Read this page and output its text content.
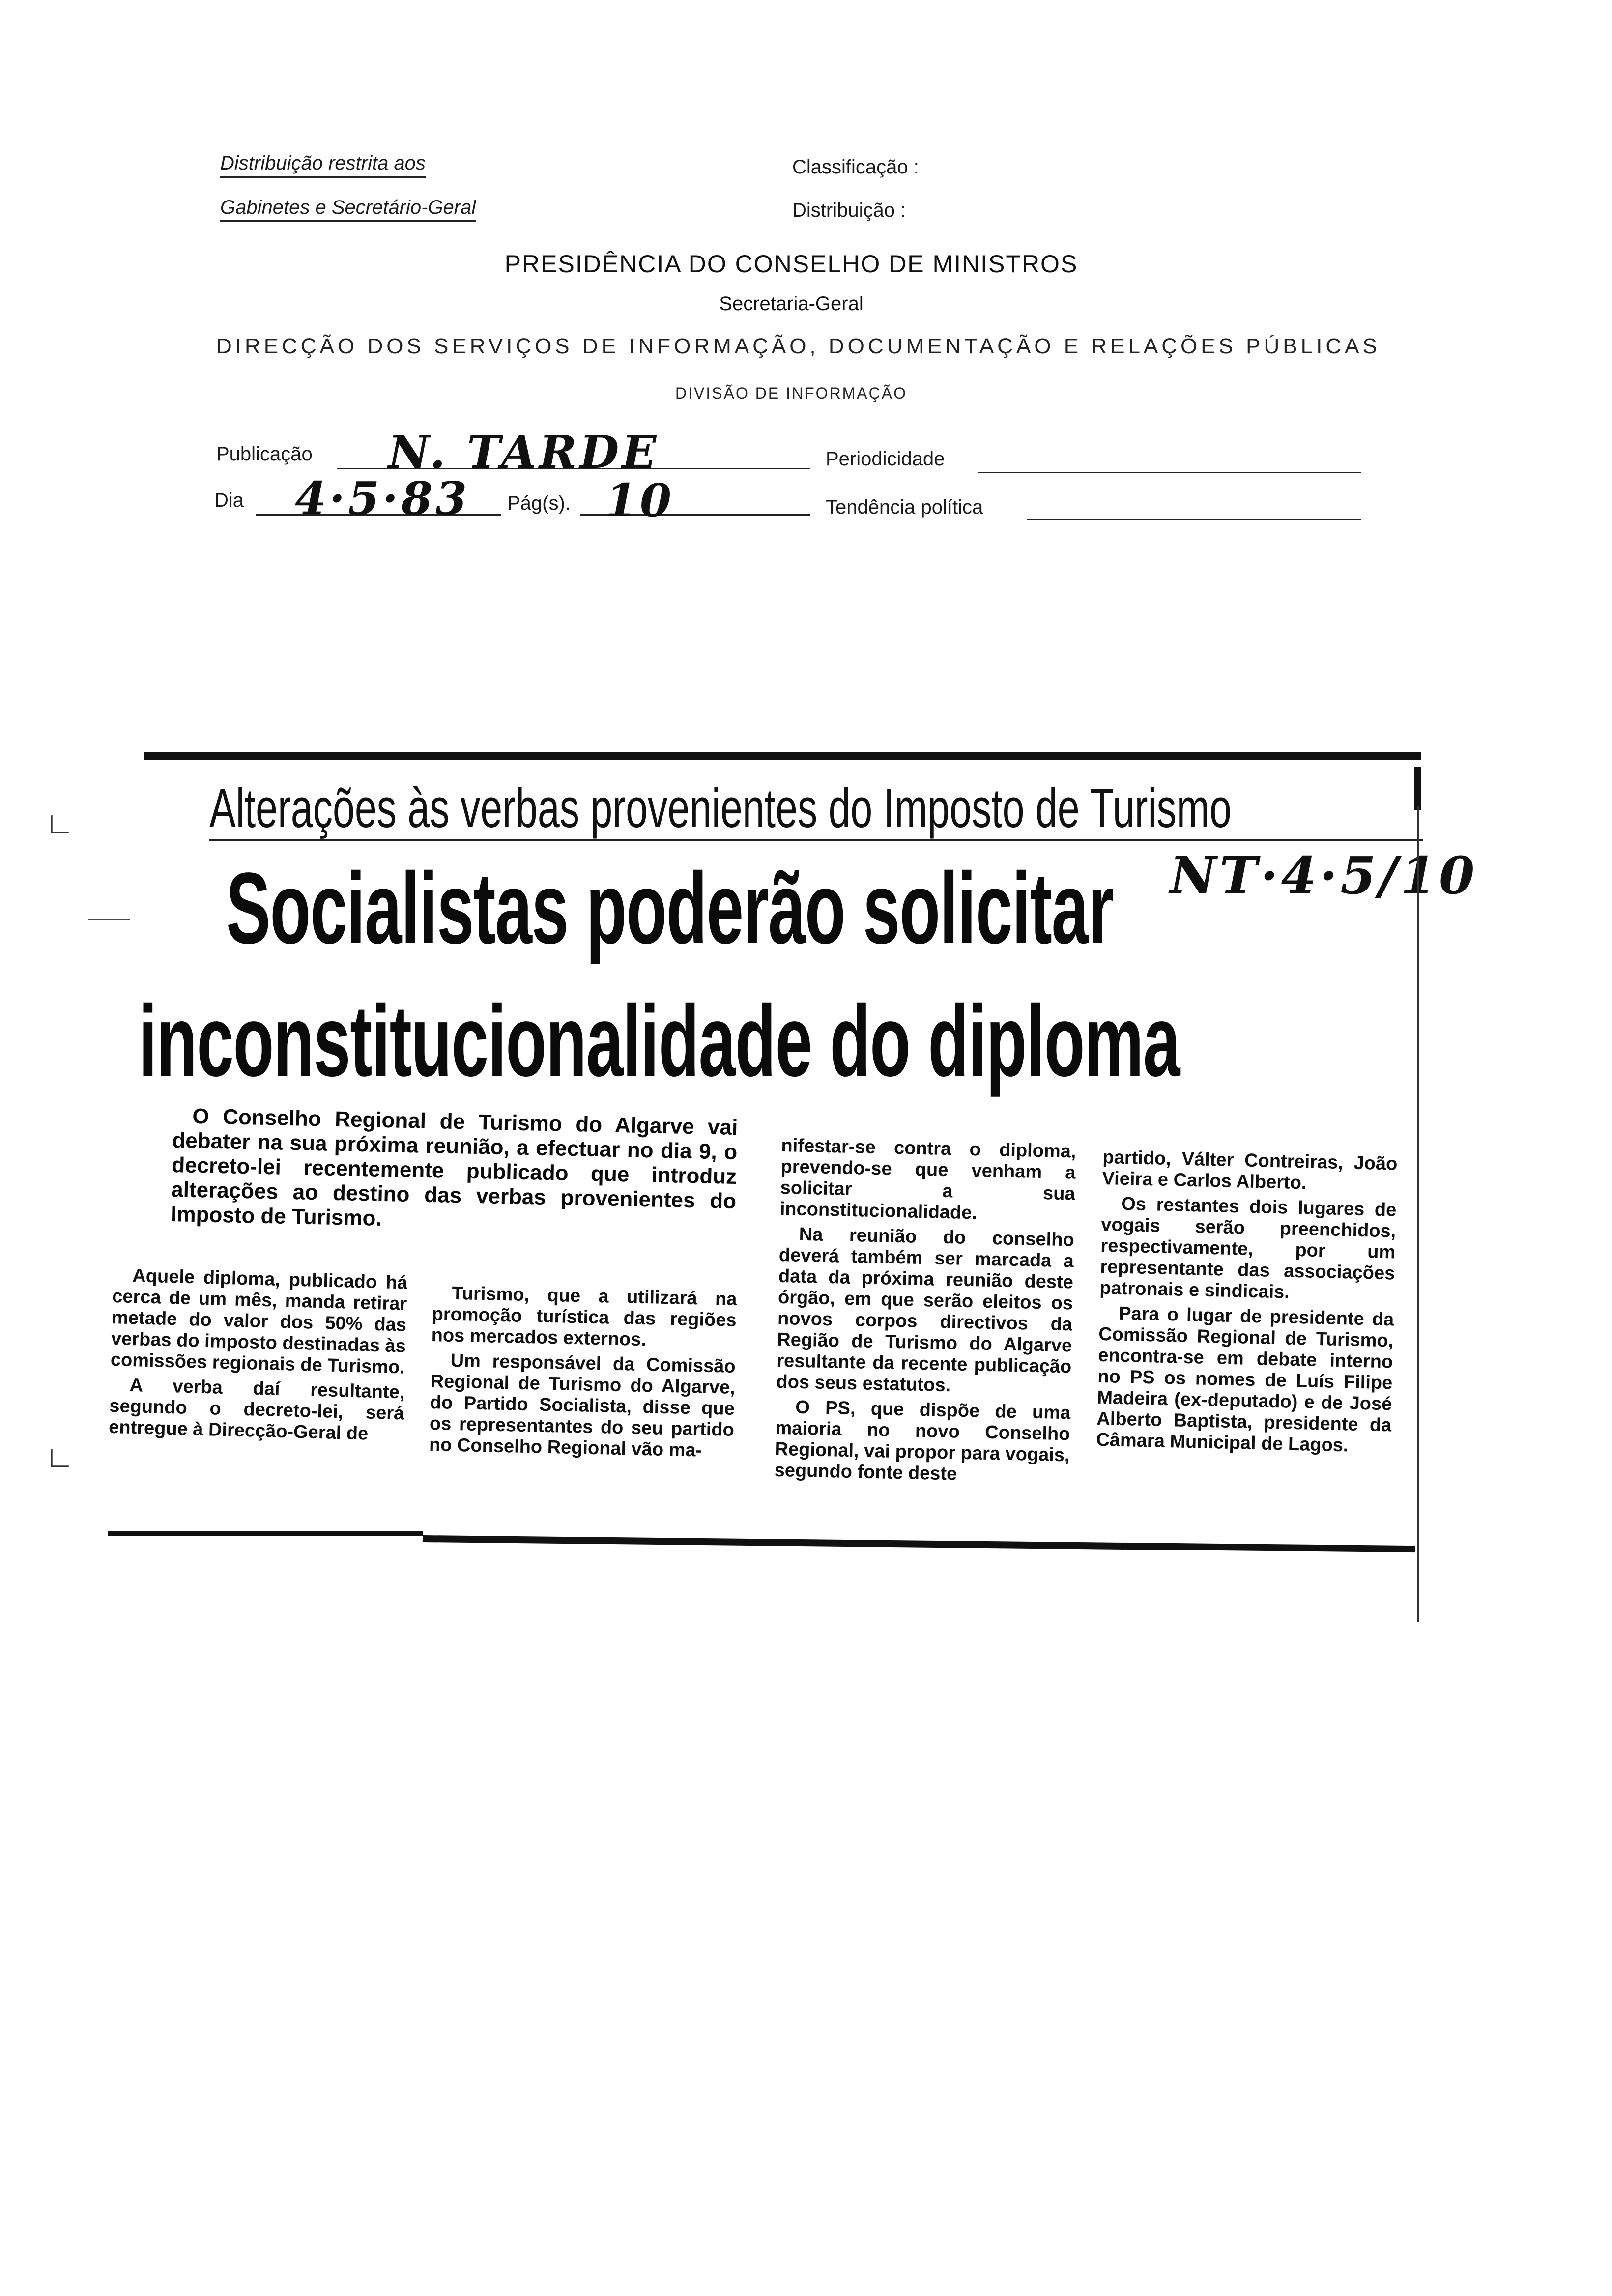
Distribuição restrita aos
Gabinetes e Secretário-Geral
Classificação :
Distribuição :
PRESIDÊNCIA DO CONSELHO DE MINISTROS
Secretaria-Geral
DIRECÇÃO DOS SERVIÇOS DE INFORMAÇÃO, DOCUMENTAÇÃO E RELAÇÕES PÚBLICAS
DIVISÃO DE INFORMAÇÃO
Publicação N. TARDE	Periodicidade
Dia 4·5·83 Pág(s). 10	Tendência política
Alterações às verbas provenientes do Imposto de Turismo
Socialistas poderão solicitar NT·4·5/10
inconstitucionalidade do diploma

O Conselho Regional de Turismo do Algarve vai debater na sua próxima reunião, a efectuar no dia 9, o decreto-lei recentemente publicado que introduz alterações ao destino das verbas provenientes do Imposto de Turismo.

Aquele diploma, publicado há cerca de um mês, manda retirar metade do valor dos 50% das verbas do imposto destinadas às comissões regionais de Turismo.

A verba daí resultante, segundo o decreto-lei, será entregue à Direcção-Geral de

Turismo, que a utilizará na promoção turística das regiões nos mercados externos.

Um responsável da Comissão Regional de Turismo do Algarve, do Partido Socialista, disse que os representantes do seu partido no Conselho Regional vão ma-

nifestar-se contra o diploma, prevendo-se que venham a solicitar a sua inconstitucionalidade.

Na reunião do conselho deverá também ser marcada a data da próxima reunião deste órgão, em que serão eleitos os novos corpos directivos da Região de Turismo do Algarve resultante da recente publicação dos seus estatutos.

O PS, que dispõe de uma maioria no novo Conselho Regional, vai propor para vogais, segundo fonte deste

partido, Válter Contreiras, João Vieira e Carlos Alberto.

Os restantes dois lugares de vogais serão preenchidos, respectivamente, por um representante das associações patronais e sindicais.

Para o lugar de presidente da Comissão Regional de Turismo, encontra-se em debate interno no PS os nomes de Luís Filipe Madeira (ex-deputado) e de José Alberto Baptista, presidente da Câmara Municipal de Lagos.

∟
∟
